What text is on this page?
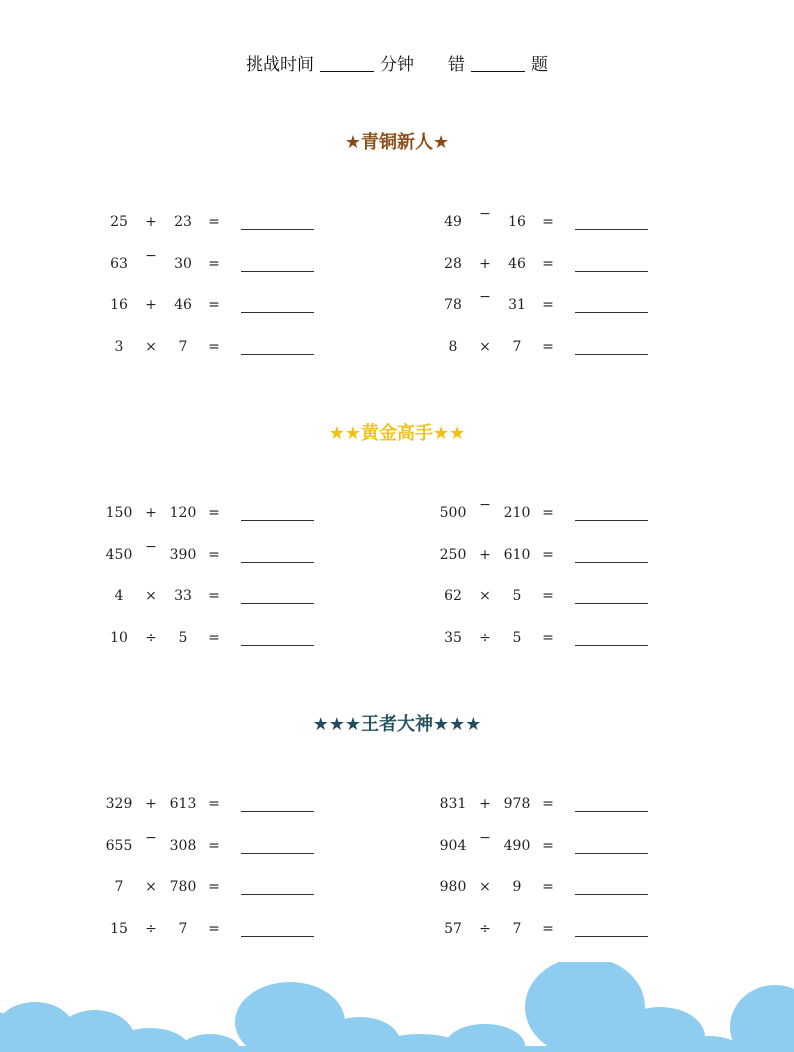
挑战时间	分钟 错	题
★青铜新人★
25	+	23	=	49	−	16	=
63	−	30	=	28	+	46	=
16	+	46	=	78	−	31	=
3	×	7	=	8	×	7	=
★★黄金高手★★
150 + 120 =	500 − 210 =
450 − 390 =	250 + 610 =
4	×	33	=	62	×	5	=
10	÷	5	=	35	÷	5	=
★★★王者大神★★★
329 + 613 =	831 + 978 =
655 − 308 =	904 − 490 =
7	× 780 =	980 ×	9	=
15	÷	7	=	57	÷	7	=
